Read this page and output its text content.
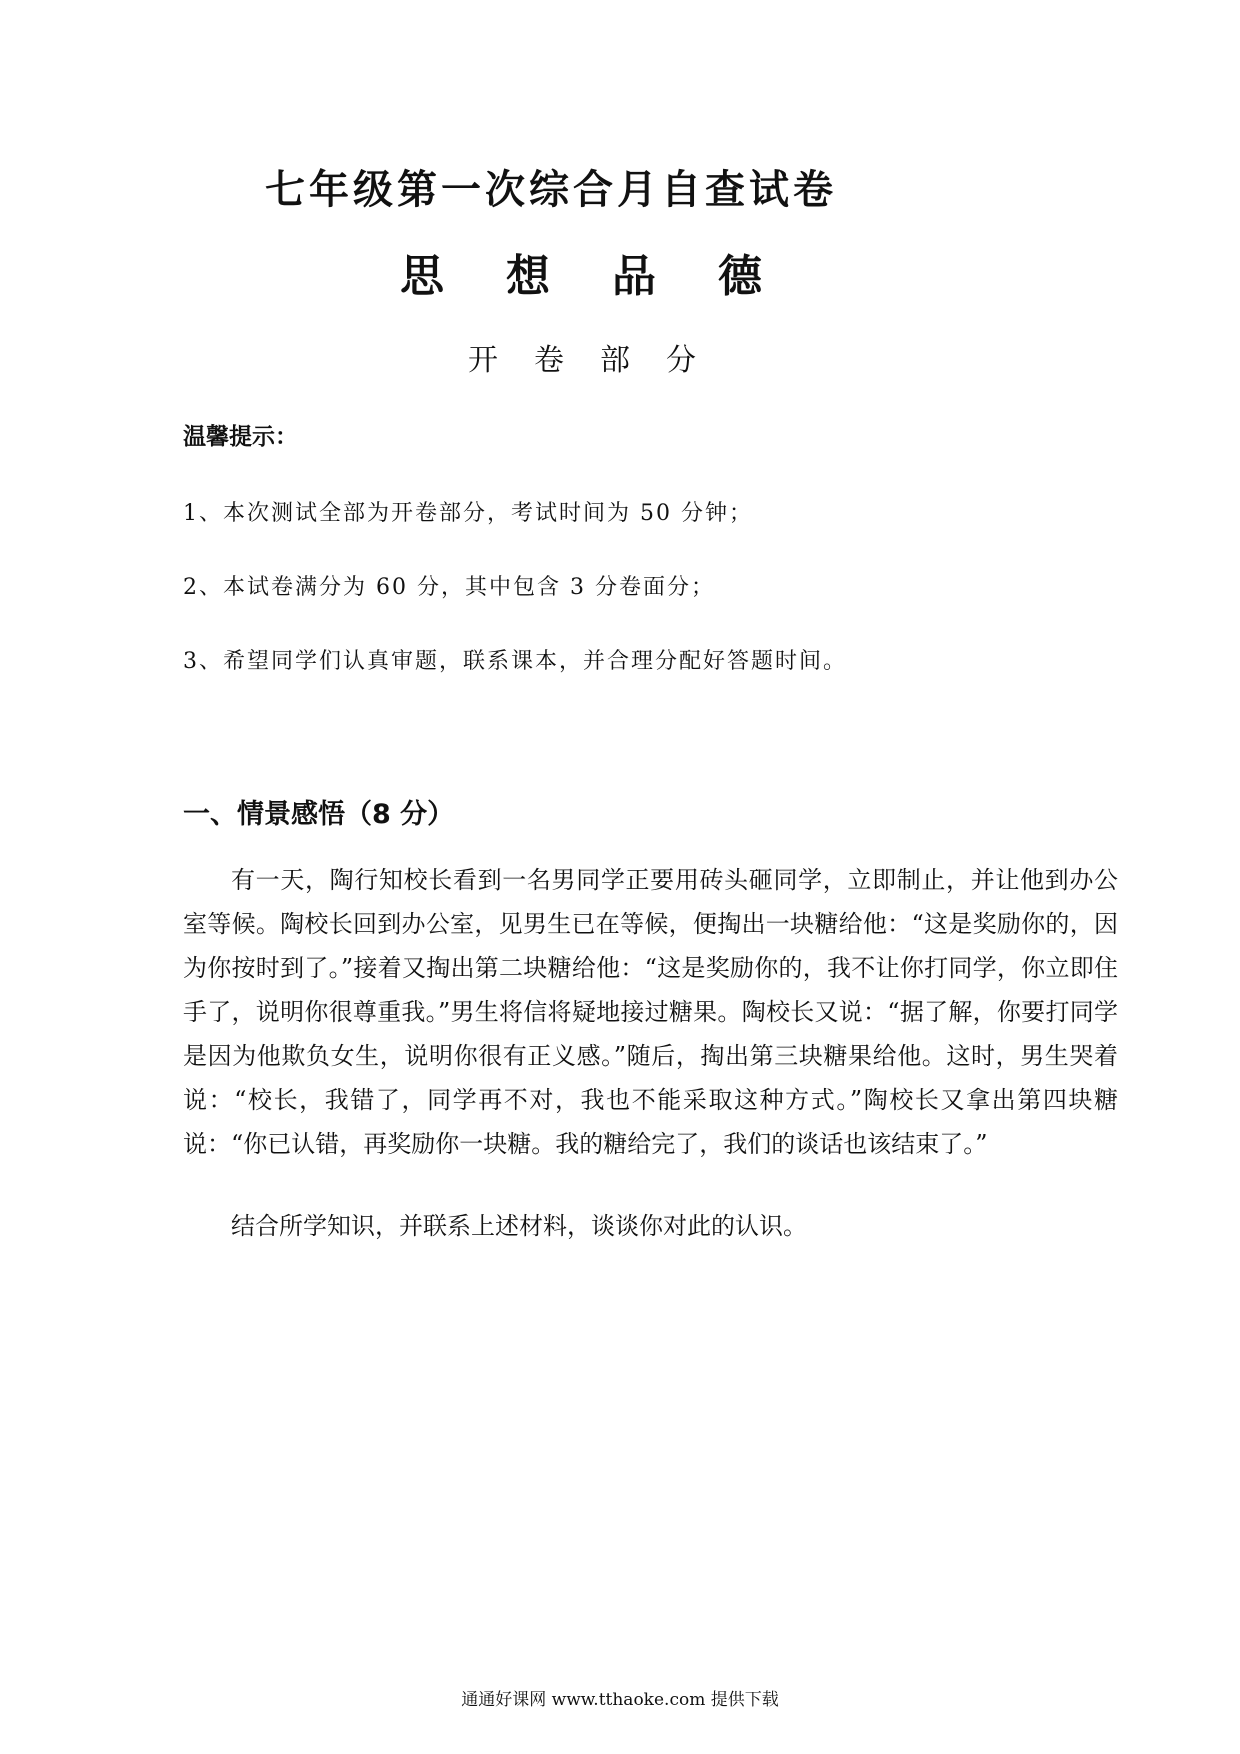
七年级第一次综合月自查试卷
思想品德
开卷部分
温馨提示：
1、本次测试全部为开卷部分，考试时间为 50 分钟；
2、本试卷满分为 60 分，其中包含 3 分卷面分；
3、希望同学们认真审题，联系课本，并合理分配好答题时间。
一、情景感悟（8 分）

有一天，陶行知校长看到一名男同学正要用砖头砸同学，立即制止，并让他到办公室等候。陶校长回到办公室，见男生已在等候，便掏出一块糖给他：“这是奖励你的，因为你按时到了。”接着又掏出第二块糖给他：“这是奖励你的，我不让你打同学，你立即住手了，说明你很尊重我。”男生将信将疑地接过糖果。陶校长又说：“据了解，你要打同学是因为他欺负女生，说明你很有正义感。”随后，掏出第三块糖果给他。这时，男生哭着说：“校长，我错了，同学再不对，我也不能采取这种方式。”陶校长又拿出第四块糖说：“你已认错，再奖励你一块糖。我的糖给完了，我们的谈话也该结束了。”

结合所学知识，并联系上述材料，谈谈你对此的认识。

通通好课网 www.tthaoke.com 提供下载
